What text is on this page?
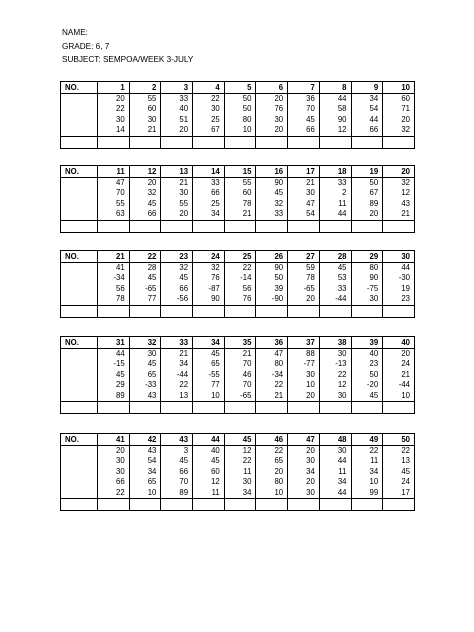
NAME:
GRADE: 6, 7
SUBJECT: SEMPOA/WEEK 3-JULY
NO.	1	2	3	4	5	6	7	8	9	10
	20	55	33	22	50	20	36	44	34	60
	22	60	40	30	50	76	70	58	54	71
	30	30	51	25	80	30	45	90	44	20
	14	21	20	67	10	20	66	12	66	32

NO.	11	12	13	14	15	16	17	18	19	20
	47	20	21	33	55	90	21	33	50	32
	70	32	30	66	60	45	30	2	67	12
	55	45	55	25	78	32	47	11	89	43
	63	66	20	34	21	33	54	44	20	21

NO.	21	22	23	24	25	26	27	28	29	30
	41	28	32	32	22	90	59	45	80	44
	-34	45	45	76	-14	50	78	53	90	-30
	56	-65	66	-87	56	39	-65	33	-75	19
	78	77	-56	90	76	-90	20	-44	30	23

NO.	31	32	33	34	35	36	37	38	39	40
	44	30	21	45	21	47	88	30	40	20
	-15	45	34	65	70	80	-77	-13	23	24
	45	65	-44	-55	46	-34	30	22	50	21
	29	-33	22	77	70	22	10	12	-20	-44
	89	43	13	10	-65	21	20	30	45	10

NO.	41	42	43	44	45	46	47	48	49	50
	20	43	3	40	12	22	20	30	22	22
	30	54	45	45	22	65	30	44	11	13
	30	34	66	60	11	20	34	11	34	45
	66	65	70	12	30	80	20	34	10	24
	22	10	89	11	34	10	30	44	99	17
